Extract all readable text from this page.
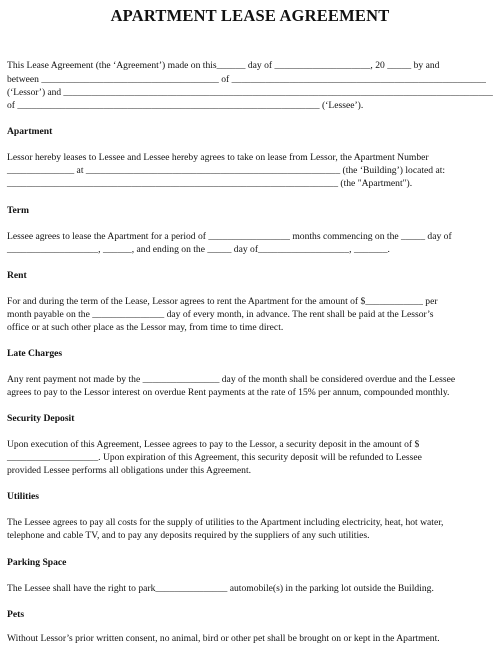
APARTMENT LEASE AGREEMENT
This Lease Agreement (the ‘Agreement’) made on this______ day of ____________________, 20 _____ by and
between _____________________________________ of _____________________________________________________
(‘Lessor’) and ___________________________________________________________________________________________
of _______________________________________________________________ (‘Lessee’).
Apartment
Lessor hereby leases to Lessee and Lessee hereby agrees to take on lease from Lessor, the Apartment Number
______________ at _____________________________________________________ (the ‘Building’) located at:
_____________________________________________________________________ (the "Apartment").
Term
Lessee agrees to lease the Apartment for a period of _________________ months commencing on the _____ day of
___________________, ______, and ending on the _____ day of___________________, _______.
Rent
For and during the term of the Lease, Lessor agrees to rent the Apartment for the amount of $____________ per
month payable on the _______________ day of every month, in advance. The rent shall be paid at the Lessor’s
office or at such other place as the Lessor may, from time to time direct.
Late Charges
Any rent payment not made by the ________________ day of the month shall be considered overdue and the Lessee
agrees to pay to the Lessor interest on overdue Rent payments at the rate of 15% per annum, compounded monthly.
Security Deposit
Upon execution of this Agreement, Lessee agrees to pay to the Lessor, a security deposit in the amount of $
___________________. Upon expiration of this Agreement, this security deposit will be refunded to Lessee
provided Lessee performs all obligations under this Agreement.
Utilities
The Lessee agrees to pay all costs for the supply of utilities to the Apartment including electricity, heat, hot water,
telephone and cable TV, and to pay any deposits required by the suppliers of any such utilities.
Parking Space
The Lessee shall have the right to park_______________ automobile(s) in the parking lot outside the Building.
Pets
Without Lessor’s prior written consent, no animal, bird or other pet shall be brought on or kept in the Apartment.
